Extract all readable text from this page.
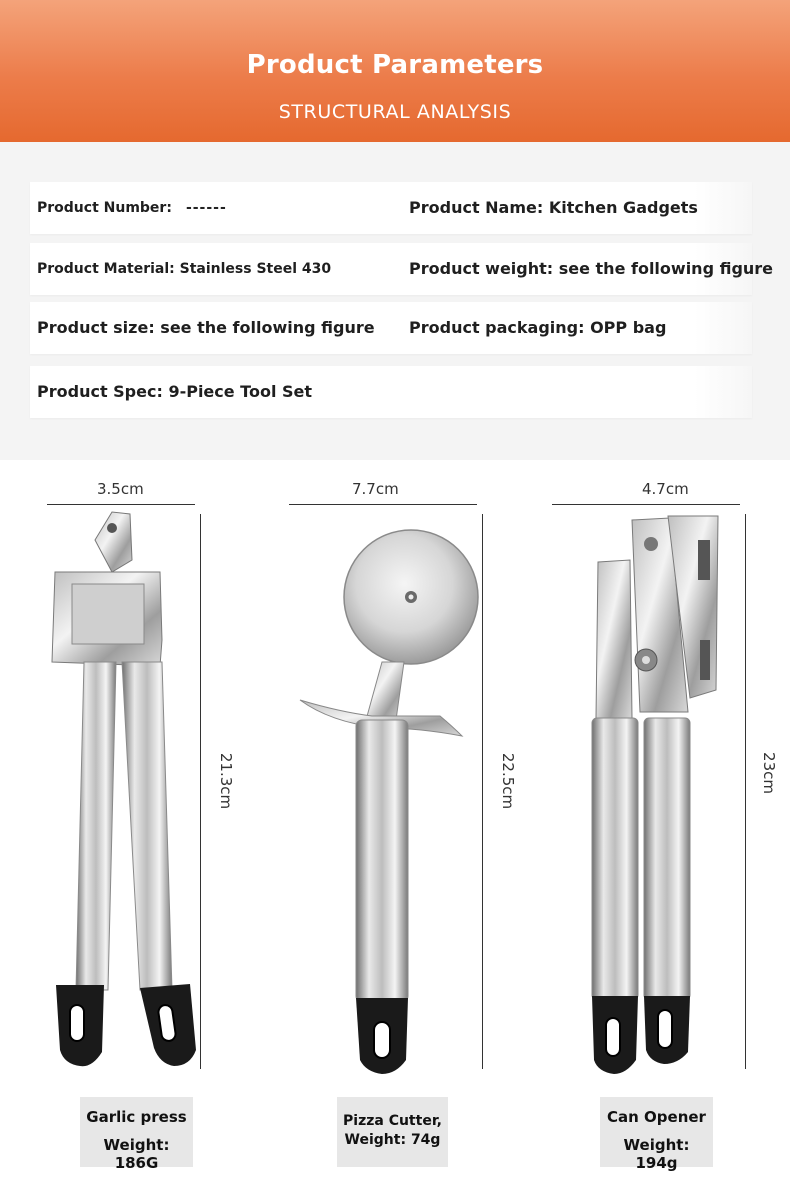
Product Parameters
STRUCTURAL ANALYSIS
Product Number: ------	Product Name: Kitchen Gadgets
Product Material: Stainless Steel 430	Product weight: see the following figure
Product size: see the following figure Product packaging: OPP bag
Product Spec: 9-Piece Tool Set
3.5cm
21.3cm
7.7cm
22.5cm
4.7cm
23cm
Garlic press
Weight: 186G
Pizza Cutter,
Weight: 74g
Can Opener
Weight: 194g
